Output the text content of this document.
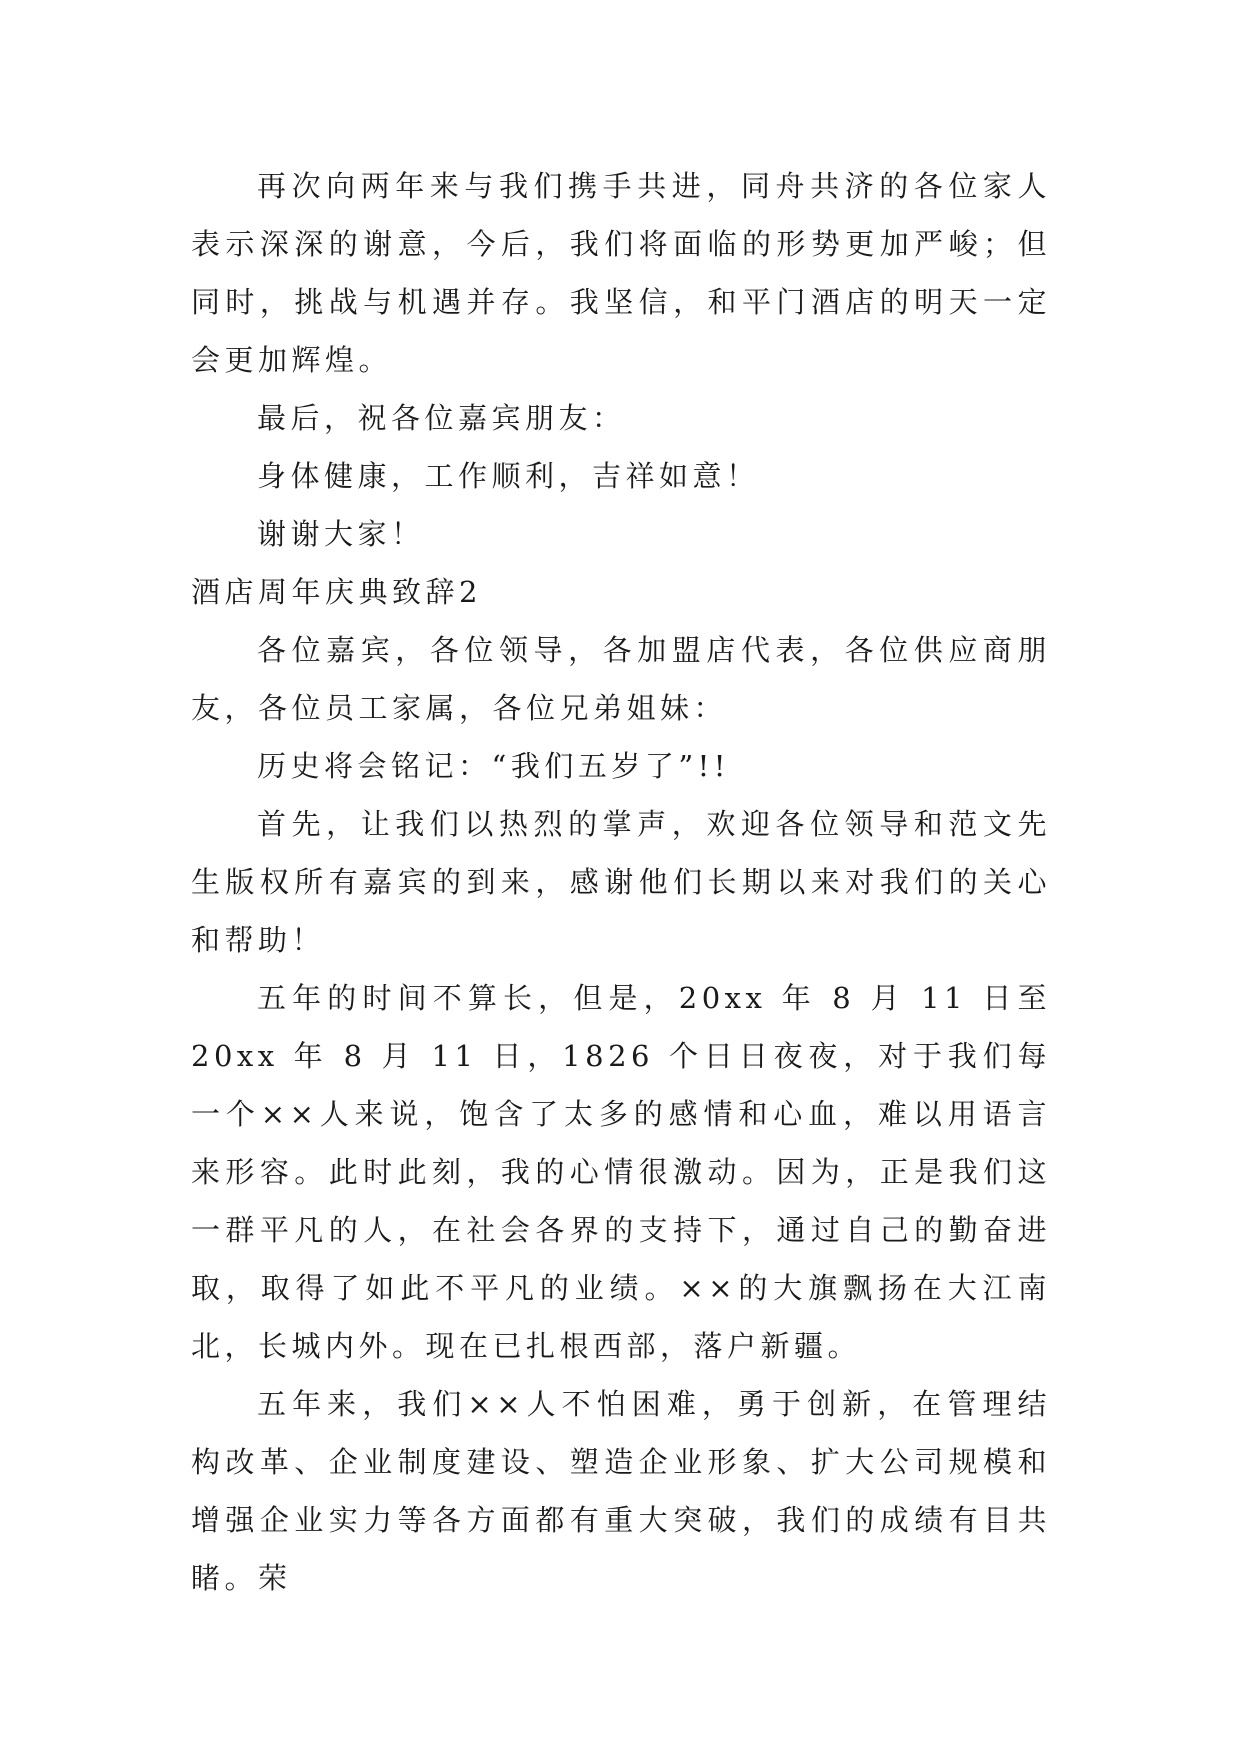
再次向两年来与我们携手共进，同舟共济的各位家人表示深深的谢意，今后，我们将面临的形势更加严峻；但同时，挑战与机遇并存。我坚信，和平门酒店的明天一定会更加辉煌。

最后，祝各位嘉宾朋友：

身体健康，工作顺利，吉祥如意！

谢谢大家！

酒店周年庆典致辞2

各位嘉宾，各位领导，各加盟店代表，各位供应商朋友，各位员工家属，各位兄弟姐妹：

历史将会铭记：“我们五岁了”!!

首先，让我们以热烈的掌声，欢迎各位领导和范文先生版权所有嘉宾的到来，感谢他们长期以来对我们的关心和帮助！

五年的时间不算长，但是，20xx 年 8 月 11 日至 20xx 年 8 月 11 日，1826 个日日夜夜，对于我们每一个××人来说，饱含了太多的感情和心血，难以用语言来形容。此时此刻，我的心情很激动。因为，正是我们这一群平凡的人，在社会各界的支持下，通过自己的勤奋进取，取得了如此不平凡的业绩。××的大旗飘扬在大江南北，长城内外。现在已扎根西部，落户新疆。

五年来，我们××人不怕困难，勇于创新，在管理结构改革、企业制度建设、塑造企业形象、扩大公司规模和增强企业实力等各方面都有重大突破，我们的成绩有目共睹。荣
